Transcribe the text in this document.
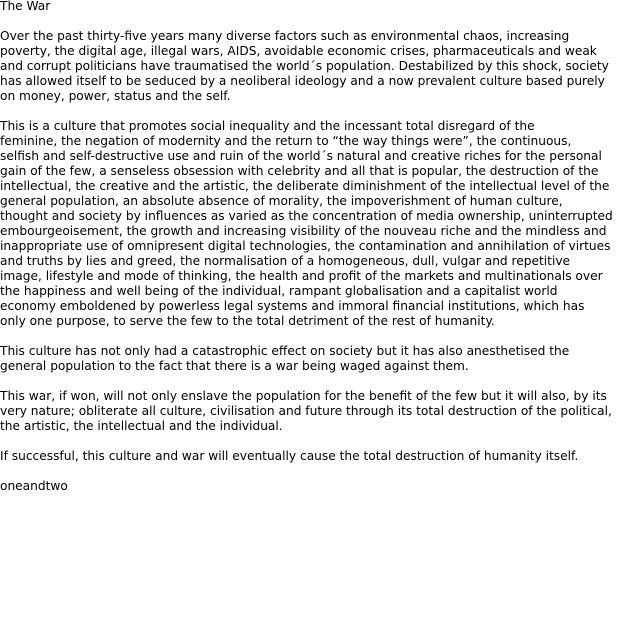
The War

Over the past thirty-five years many diverse factors such as environmental chaos, increasing
poverty, the digital age, illegal wars, AIDS, avoidable economic crises, pharmaceuticals and weak
and corrupt politicians have traumatised the world´s population. Destabilized by this shock, society
has allowed itself to be seduced by a neoliberal ideology and a now prevalent culture based purely
on money, power, status and the self.

This is a culture that promotes social inequality and the incessant total disregard of the
feminine, the negation of modernity and the return to “the way things were”, the continuous,
selfish and self-destructive use and ruin of the world´s natural and creative riches for the personal
gain of the few, a senseless obsession with celebrity and all that is popular, the destruction of the
intellectual, the creative and the artistic, the deliberate diminishment of the intellectual level of the
general population, an absolute absence of morality, the impoverishment of human culture,
thought and society by influences as varied as the concentration of media ownership, uninterrupted
embourgeoisement, the growth and increasing visibility of the nouveau riche and the mindless and
inappropriate use of omnipresent digital technologies, the contamination and annihilation of virtues
and truths by lies and greed, the normalisation of a homogeneous, dull, vulgar and repetitive
image, lifestyle and mode of thinking, the health and profit of the markets and multinationals over
the happiness and well being of the individual, rampant globalisation and a capitalist world
economy emboldened by powerless legal systems and immoral financial institutions, which has
only one purpose, to serve the few to the total detriment of the rest of humanity.

This culture has not only had a catastrophic effect on society but it has also anesthetised the
general population to the fact that there is a war being waged against them.

This war, if won, will not only enslave the population for the benefit of the few but it will also, by its
very nature; obliterate all culture, civilisation and future through its total destruction of the political,
the artistic, the intellectual and the individual.

If successful, this culture and war will eventually cause the total destruction of humanity itself.

oneandtwo
